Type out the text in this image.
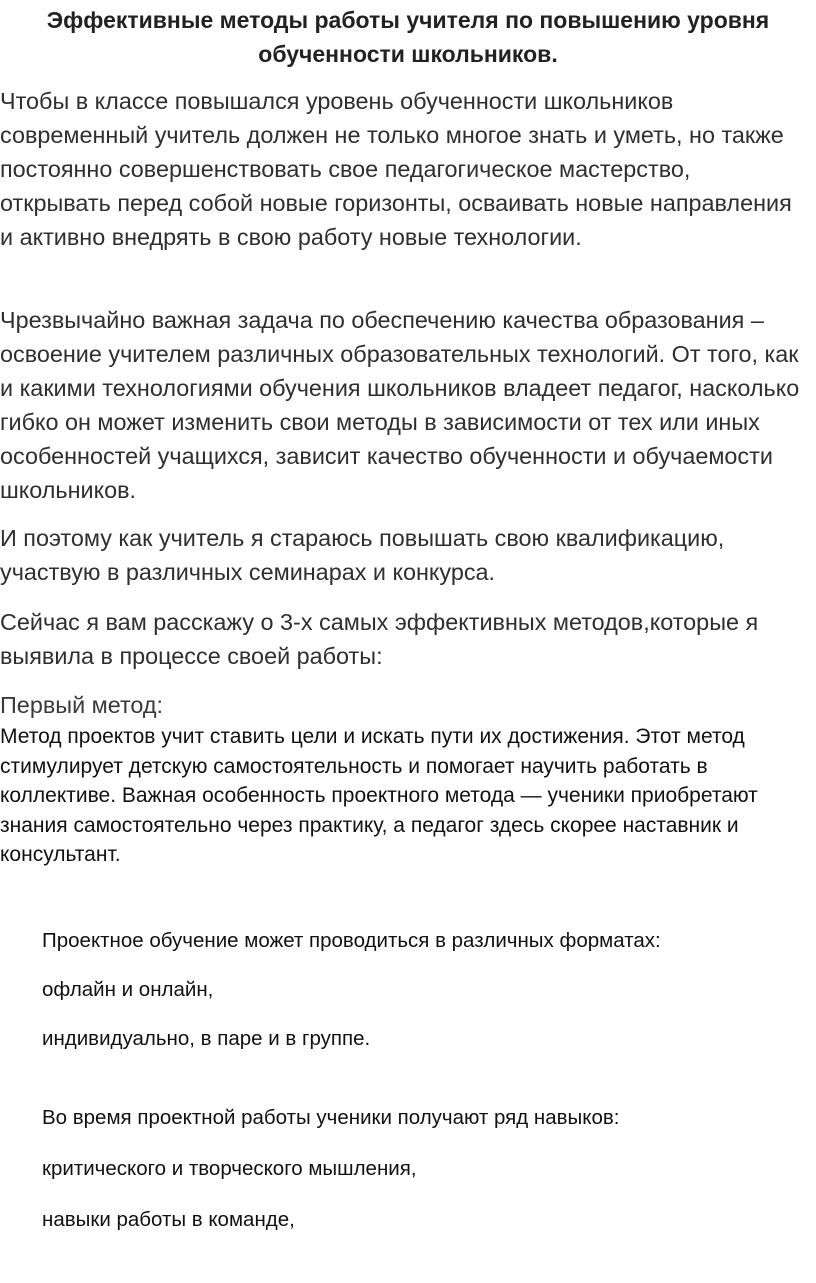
Эффективные методы работы учителя по повышению уровня обученности школьников.
Чтобы в классе повышался уровень обученности школьников современный учитель должен не только многое знать и уметь, но также постоянно совершенствовать свое педагогическое мастерство, открывать перед собой новые горизонты, осваивать новые направления и активно внедрять в свою работу новые технологии.
Чрезвычайно важная задача по обеспечению качества образования – освоение учителем различных образовательных технологий. От того, как и какими технологиями обучения школьников владеет педагог, насколько гибко он может изменить свои методы в зависимости от тех или иных особенностей учащихся, зависит качество обученности и обучаемости школьников.
И поэтому как учитель я стараюсь повышать свою квалификацию, участвую в различных семинарах и конкурса.
Сейчас я вам расскажу о 3-х самых эффективных методов,которые я выявила в процессе своей работы:
Первый метод:
Метод проектов учит ставить цели и искать пути их достижения. Этот метод стимулирует детскую самостоятельность и помогает научить работать в коллективе. Важная особенность проектного метода — ученики приобретают знания самостоятельно через практику, а педагог здесь скорее наставник и консультант.
Проектное обучение может проводиться в различных форматах:
офлайн и онлайн,
индивидуально, в паре и в группе.
Во время проектной работы ученики получают ряд навыков:
критического и творческого мышления,
навыки работы в команде,
